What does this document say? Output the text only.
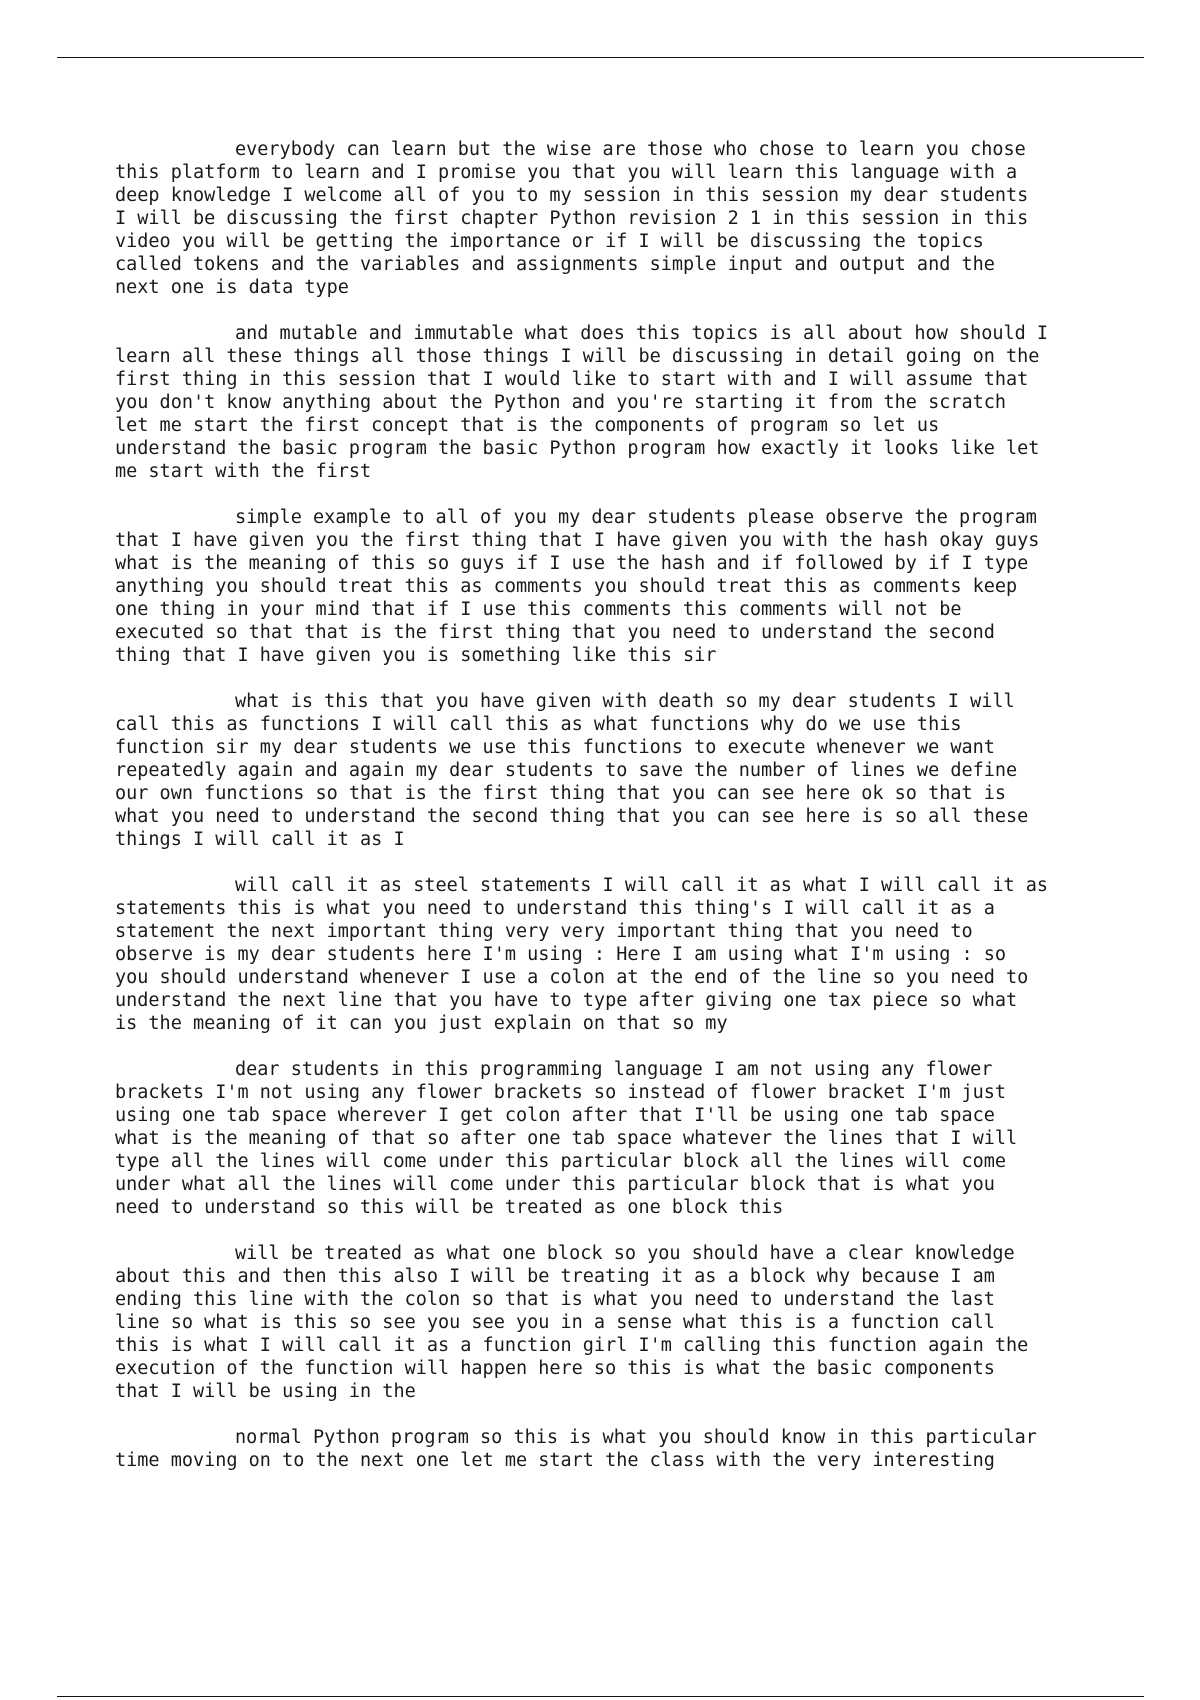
everybody can learn but the wise are those who chose to learn you chose
this platform to learn and I promise you that you will learn this language with a
deep knowledge I welcome all of you to my session in this session my dear students
I will be discussing the first chapter Python revision 2 1 in this session in this
video you will be getting the importance or if I will be discussing the topics
called tokens and the variables and assignments simple input and output and the
next one is data type
and mutable and immutable what does this topics is all about how should I
learn all these things all those things I will be discussing in detail going on the
first thing in this session that I would like to start with and I will assume that
you don't know anything about the Python and you're starting it from the scratch
let me start the first concept that is the components of program so let us
understand the basic program the basic Python program how exactly it looks like let
me start with the first
simple example to all of you my dear students please observe the program
that I have given you the first thing that I have given you with the hash okay guys
what is the meaning of this so guys if I use the hash and if followed by if I type
anything you should treat this as comments you should treat this as comments keep
one thing in your mind that if I use this comments this comments will not be
executed so that that is the first thing that you need to understand the second
thing that I have given you is something like this sir
what is this that you have given with death so my dear students I will
call this as functions I will call this as what functions why do we use this
function sir my dear students we use this functions to execute whenever we want
repeatedly again and again my dear students to save the number of lines we define
our own functions so that is the first thing that you can see here ok so that is
what you need to understand the second thing that you can see here is so all these
things I will call it as I
will call it as steel statements I will call it as what I will call it as
statements this is what you need to understand this thing's I will call it as a
statement the next important thing very very important thing that you need to
observe is my dear students here I'm using : Here I am using what I'm using : so
you should understand whenever I use a colon at the end of the line so you need to
understand the next line that you have to type after giving one tax piece so what
is the meaning of it can you just explain on that so my
dear students in this programming language I am not using any flower
brackets I'm not using any flower brackets so instead of flower bracket I'm just
using one tab space wherever I get colon after that I'll be using one tab space
what is the meaning of that so after one tab space whatever the lines that I will
type all the lines will come under this particular block all the lines will come
under what all the lines will come under this particular block that is what you
need to understand so this will be treated as one block this
will be treated as what one block so you should have a clear knowledge
about this and then this also I will be treating it as a block why because I am
ending this line with the colon so that is what you need to understand the last
line so what is this so see you see you in a sense what this is a function call
this is what I will call it as a function girl I'm calling this function again the
execution of the function will happen here so this is what the basic components
that I will be using in the
normal Python program so this is what you should know in this particular
time moving on to the next one let me start the class with the very interesting
